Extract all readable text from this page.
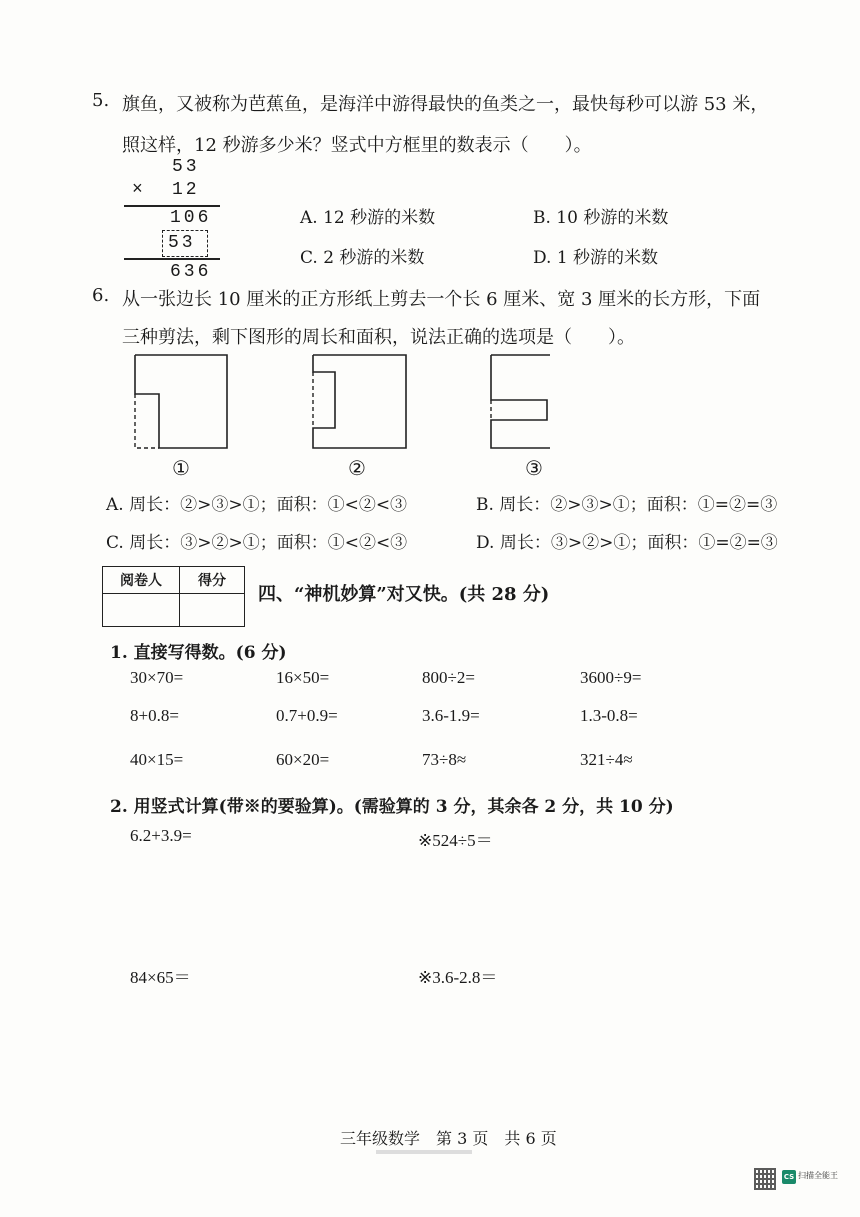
5. 旗鱼，又被称为芭蕉鱼，是海洋中游得最快的鱼类之一，最快每秒可以游 53 米，
照这样，12 秒游多少米？竖式中方框里的数表示（　　）。
53
× 12
106
53
636
A. 12 秒游的米数	B. 10 秒游的米数
C. 2 秒游的米数	D. 1 秒游的米数
6. 从一张边长 10 厘米的正方形纸上剪去一个长 6 厘米、宽 3 厘米的长方形，下面
三种剪法，剩下图形的周长和面积，说法正确的选项是（　　）。
①	②	③
A. 周长：②>③>①；面积：①<②<③	B. 周长：②>③>①；面积：①=②=③
C. 周长：③>②>①；面积：①<②<③	D. 周长：③>②>①；面积：①=②=③
阅卷人	得分

四、“神机妙算”对又快。(共 28 分)
1. 直接写得数。(6 分)
30×70=	16×50=	800÷2=	3600÷9=
8+0.8=	0.7+0.9=	3.6-1.9=	1.3-0.8=
40×15=	60×20=	73÷8≈	321÷4≈
2. 用竖式计算(带※的要验算)。(需验算的 3 分，其余各 2 分，共 10 分)
6.2+3.9=	※524÷5＝
84×65＝	※3.6-2.8＝
三年级数学　第 3 页　共 6 页
CS 扫描全能王
